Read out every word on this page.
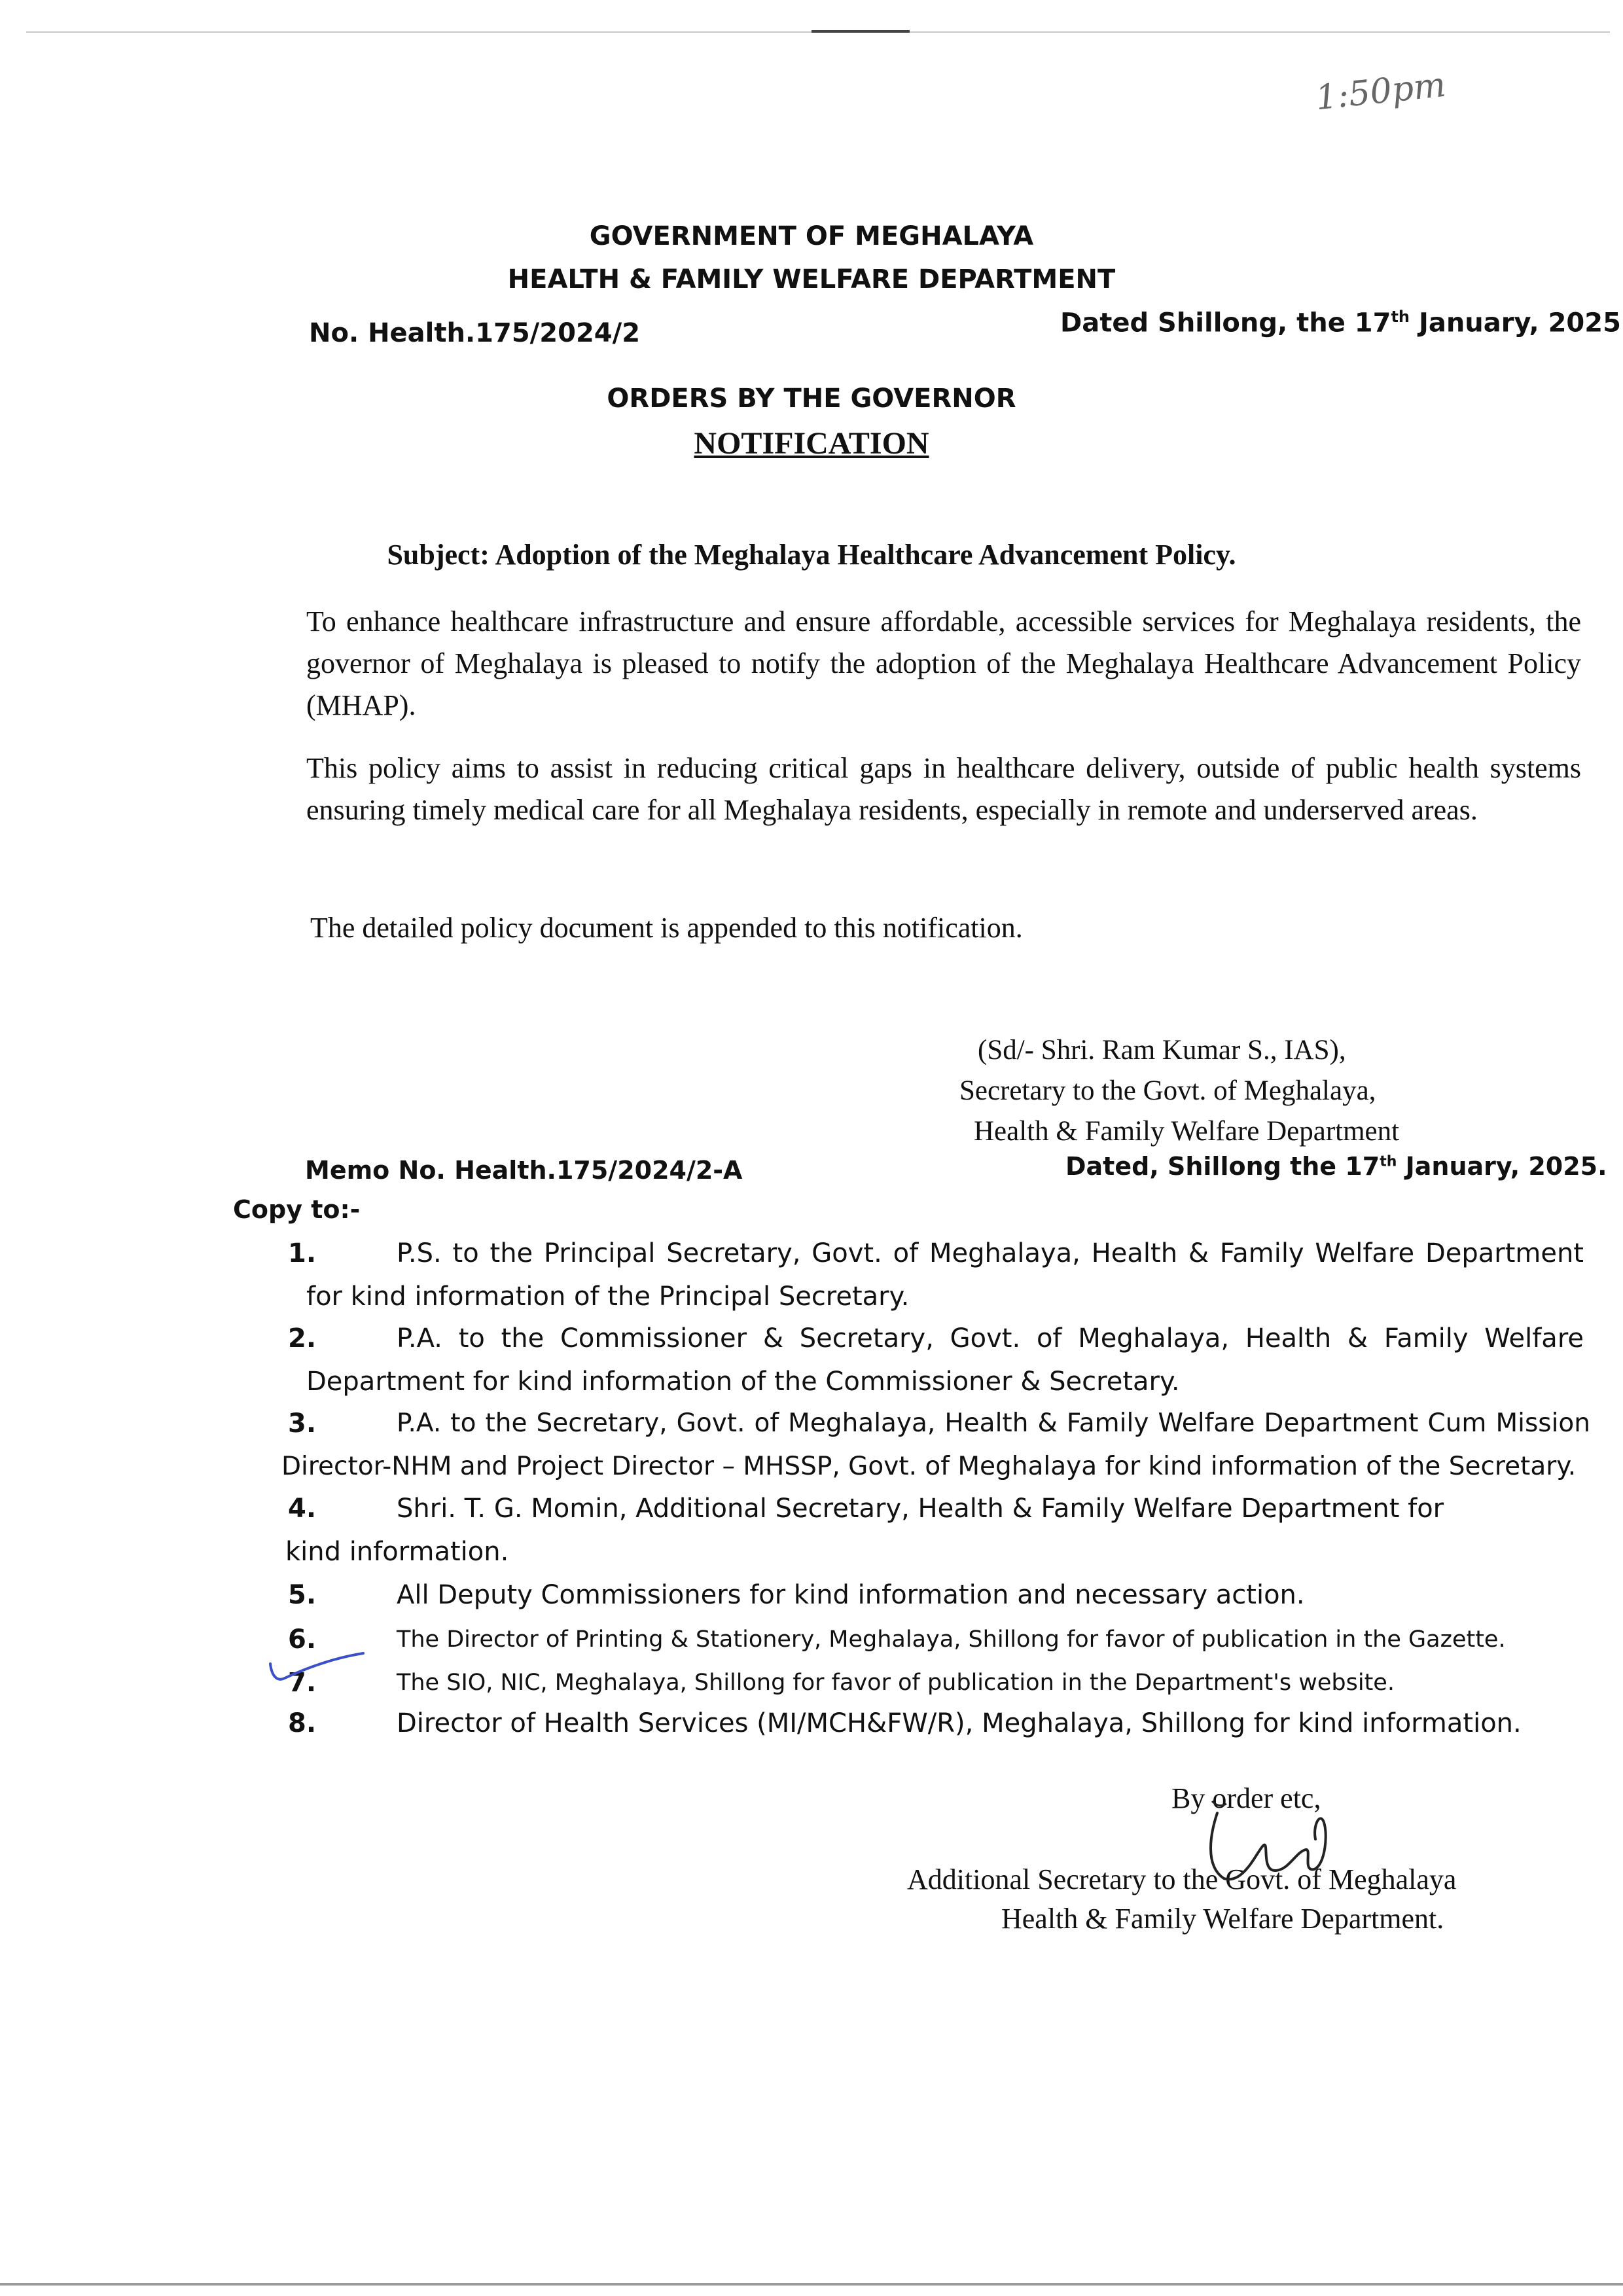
1:50pm
GOVERNMENT OF MEGHALAYA
HEALTH & FAMILY WELFARE DEPARTMENT
No. Health.175/2024/2	Dated Shillong, the 17th January, 2025
ORDERS BY THE GOVERNOR
NOTIFICATION
Subject: Adoption of the Meghalaya Healthcare Advancement Policy.
To enhance healthcare infrastructure and ensure affordable, accessible services for Meghalaya residents, the governor of Meghalaya is pleased to notify the adoption of the Meghalaya Healthcare Advancement Policy (MHAP).
This policy aims to assist in reducing critical gaps in healthcare delivery, outside of public health systems ensuring timely medical care for all Meghalaya residents, especially in remote and underserved areas.
The detailed policy document is appended to this notification.
(Sd/- Shri. Ram Kumar S., IAS),
Secretary to the Govt. of Meghalaya,
Health & Family Welfare Department
Memo No. Health.175/2024/2-A	Dated, Shillong the 17th January, 2025.
Copy to:-
1.	P.S. to the Principal Secretary, Govt. of Meghalaya, Health & Family Welfare Department for kind information of the Principal Secretary.
2.	P.A. to the Commissioner & Secretary, Govt. of Meghalaya, Health & Family Welfare Department for kind information of the Commissioner & Secretary.
3.	P.A. to the Secretary, Govt. of Meghalaya, Health & Family Welfare Department Cum Mission Director-NHM and Project Director – MHSSP, Govt. of Meghalaya for kind information of the Secretary.
4.	Shri. T. G. Momin, Additional Secretary, Health & Family Welfare Department for kind information.
5.	All Deputy Commissioners for kind information and necessary action.
6.	The Director of Printing & Stationery, Meghalaya, Shillong for favor of publication in the Gazette.
7.	The SIO, NIC, Meghalaya, Shillong for favor of publication in the Department's website.
8.	Director of Health Services (MI/MCH&FW/R), Meghalaya, Shillong for kind information.
By order etc,
Additional Secretary to the Govt. of Meghalaya
Health & Family Welfare Department.
